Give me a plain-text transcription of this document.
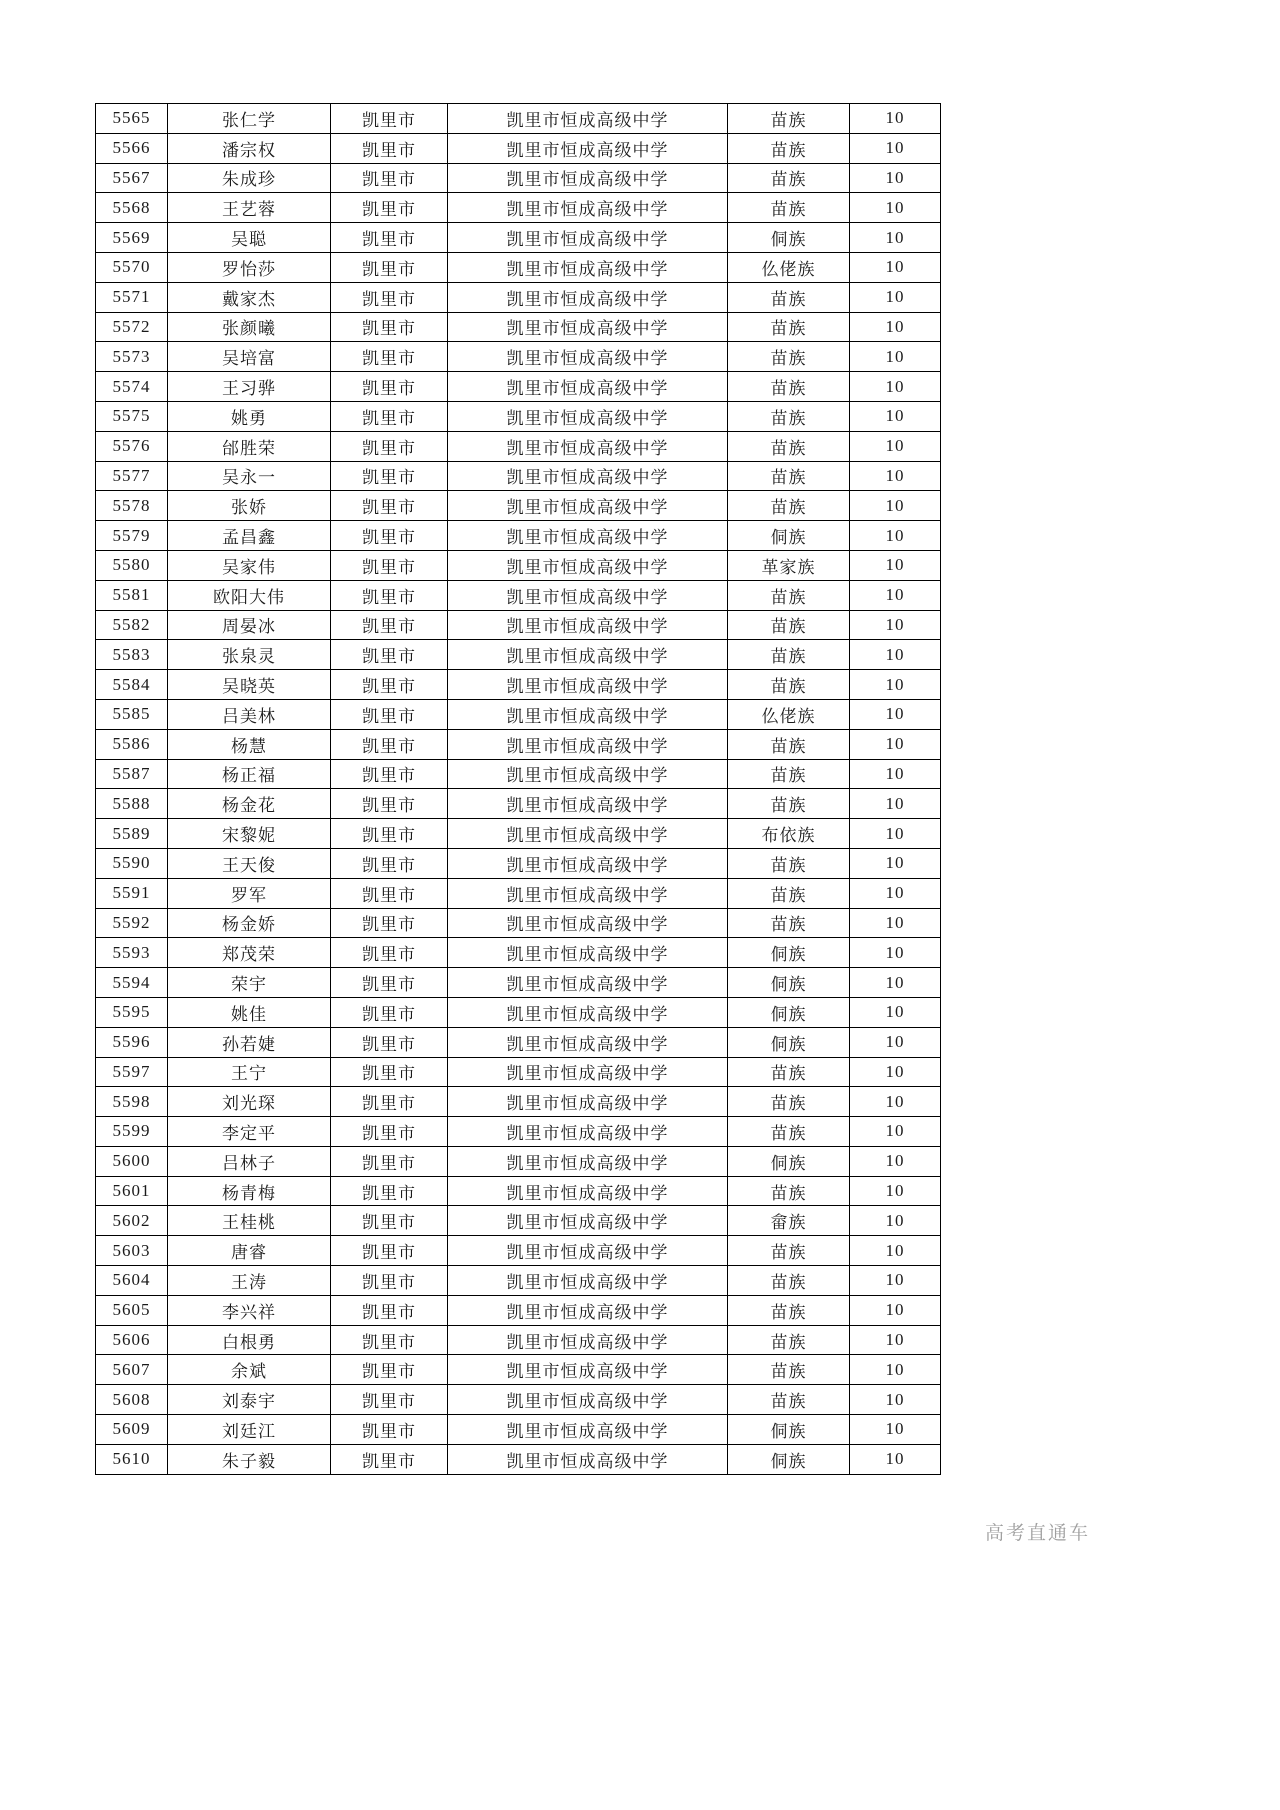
5565	张仁学	凯里市	凯里市恒成高级中学	苗族	10
5566	潘宗权	凯里市	凯里市恒成高级中学	苗族	10
5567	朱成珍	凯里市	凯里市恒成高级中学	苗族	10
5568	王艺蓉	凯里市	凯里市恒成高级中学	苗族	10
5569	吴聪	凯里市	凯里市恒成高级中学	侗族	10
5570	罗怡莎	凯里市	凯里市恒成高级中学	仫佬族	10
5571	戴家杰	凯里市	凯里市恒成高级中学	苗族	10
5572	张颜曦	凯里市	凯里市恒成高级中学	苗族	10
5573	吴培富	凯里市	凯里市恒成高级中学	苗族	10
5574	王习骅	凯里市	凯里市恒成高级中学	苗族	10
5575	姚勇	凯里市	凯里市恒成高级中学	苗族	10
5576	邰胜荣	凯里市	凯里市恒成高级中学	苗族	10
5577	吴永一	凯里市	凯里市恒成高级中学	苗族	10
5578	张娇	凯里市	凯里市恒成高级中学	苗族	10
5579	孟昌鑫	凯里市	凯里市恒成高级中学	侗族	10
5580	吴家伟	凯里市	凯里市恒成高级中学	革家族	10
5581	欧阳大伟	凯里市	凯里市恒成高级中学	苗族	10
5582	周晏冰	凯里市	凯里市恒成高级中学	苗族	10
5583	张泉灵	凯里市	凯里市恒成高级中学	苗族	10
5584	吴晓英	凯里市	凯里市恒成高级中学	苗族	10
5585	吕美林	凯里市	凯里市恒成高级中学	仫佬族	10
5586	杨慧	凯里市	凯里市恒成高级中学	苗族	10
5587	杨正福	凯里市	凯里市恒成高级中学	苗族	10
5588	杨金花	凯里市	凯里市恒成高级中学	苗族	10
5589	宋黎妮	凯里市	凯里市恒成高级中学	布依族	10
5590	王天俊	凯里市	凯里市恒成高级中学	苗族	10
5591	罗军	凯里市	凯里市恒成高级中学	苗族	10
5592	杨金娇	凯里市	凯里市恒成高级中学	苗族	10
5593	郑茂荣	凯里市	凯里市恒成高级中学	侗族	10
5594	荣宇	凯里市	凯里市恒成高级中学	侗族	10
5595	姚佳	凯里市	凯里市恒成高级中学	侗族	10
5596	孙若婕	凯里市	凯里市恒成高级中学	侗族	10
5597	王宁	凯里市	凯里市恒成高级中学	苗族	10
5598	刘光琛	凯里市	凯里市恒成高级中学	苗族	10
5599	李定平	凯里市	凯里市恒成高级中学	苗族	10
5600	吕林子	凯里市	凯里市恒成高级中学	侗族	10
5601	杨青梅	凯里市	凯里市恒成高级中学	苗族	10
5602	王桂桃	凯里市	凯里市恒成高级中学	畲族	10
5603	唐睿	凯里市	凯里市恒成高级中学	苗族	10
5604	王涛	凯里市	凯里市恒成高级中学	苗族	10
5605	李兴祥	凯里市	凯里市恒成高级中学	苗族	10
5606	白根勇	凯里市	凯里市恒成高级中学	苗族	10
5607	余斌	凯里市	凯里市恒成高级中学	苗族	10
5608	刘泰宇	凯里市	凯里市恒成高级中学	苗族	10
5609	刘廷江	凯里市	凯里市恒成高级中学	侗族	10
5610	朱子毅	凯里市	凯里市恒成高级中学	侗族	10
高考直通车
